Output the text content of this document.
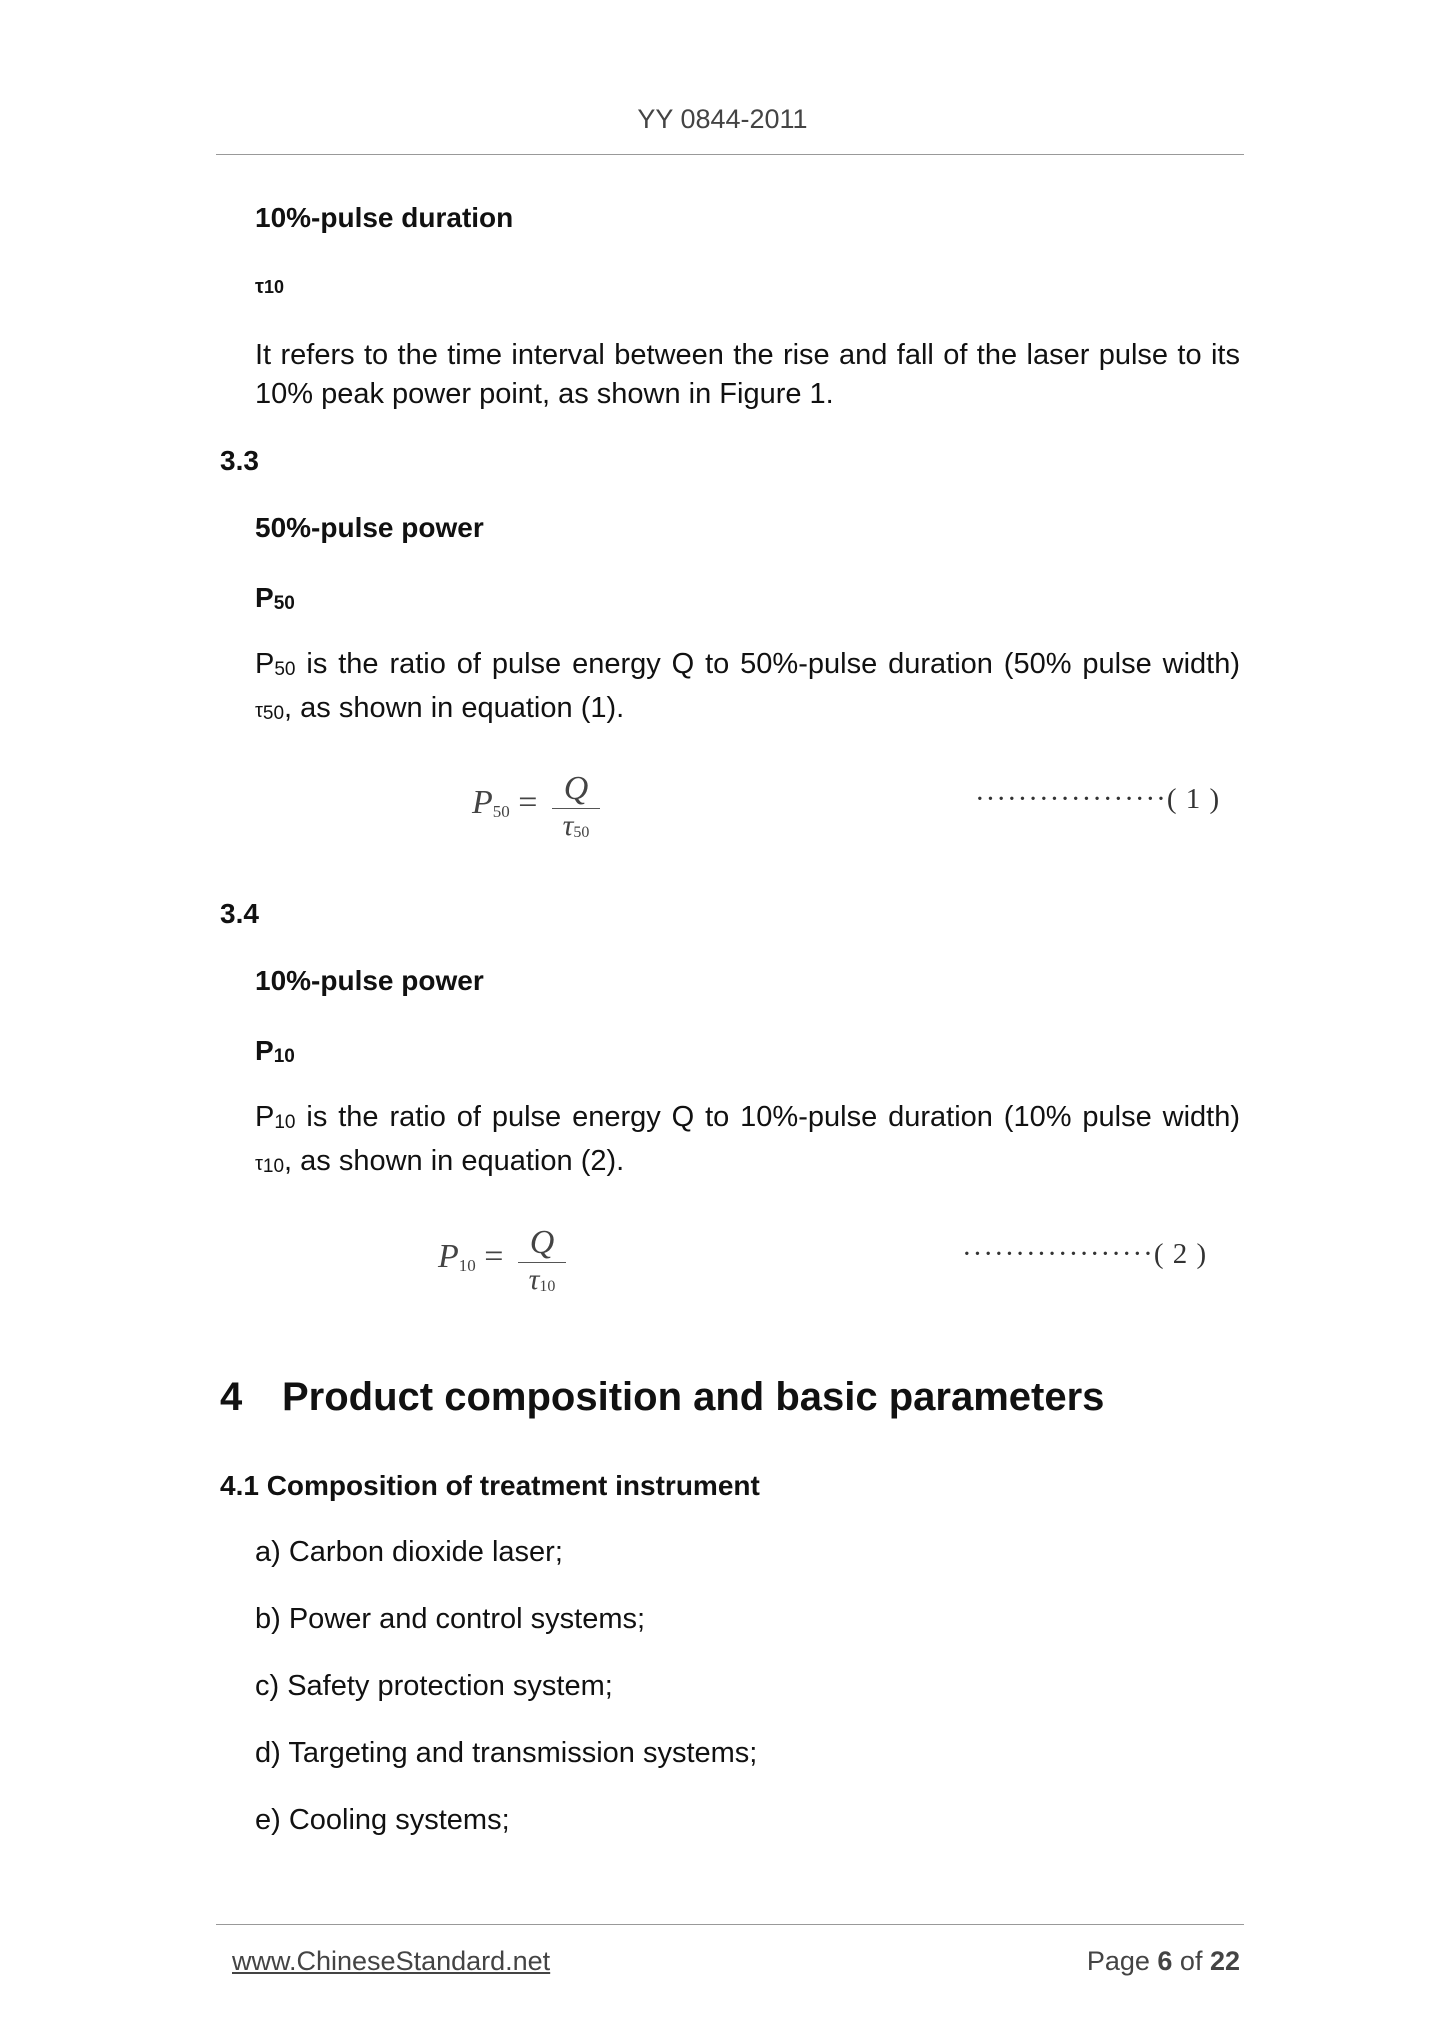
YY 0844-2011
10%-pulse duration
τ10
It refers to the time interval between the rise and fall of the laser pulse to its 10% peak power point, as shown in Figure 1.
3.3
50%-pulse power
$P_{50}$
$P_{50}$ is the ratio of pulse energy Q to 50%-pulse duration (50% pulse width) $\tau_{50}$, as shown in equation (1).
$P_{50} = Q$
$\tau_{50}$
··················( 1 )
3.4
10%-pulse power
$P_{10}$
$P_{10}$ is the ratio of pulse energy Q to 10%-pulse duration (10% pulse width) $\tau_{10}$, as shown in equation (2).
$P_{10} = Q$
$\tau_{10}$
··················( 2 )
4 Product composition and basic parameters
4.1 Composition of treatment instrument
a) Carbon dioxide laser;
b) Power and control systems;
c) Safety protection system;
d) Targeting and transmission systems;
e) Cooling systems;
www.ChineseStandard.net	Page 6 of 22
